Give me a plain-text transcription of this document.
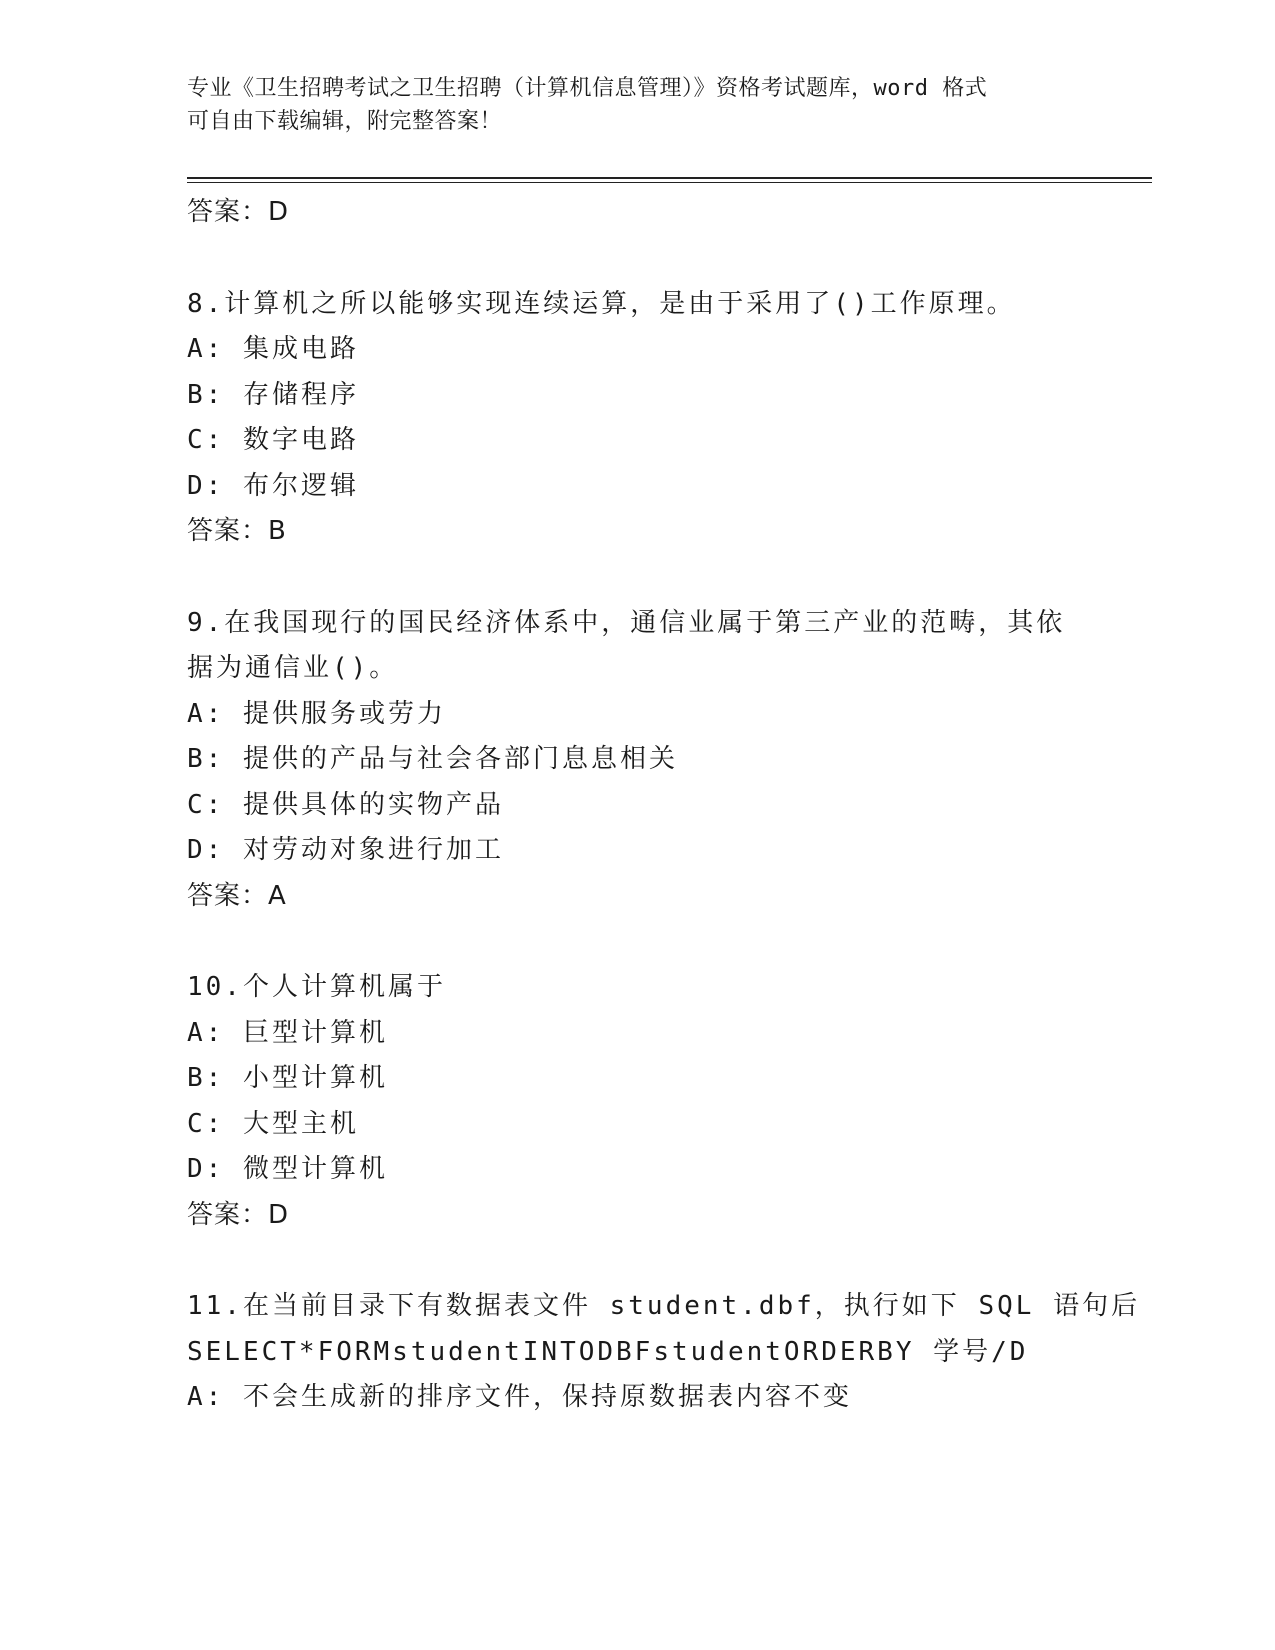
专业《卫生招聘考试之卫生招聘（计算机信息管理）》资格考试题库，word 格式
可自由下载编辑，附完整答案！
答案：D
8.计算机之所以能够实现连续运算，是由于采用了()工作原理。
A: 集成电路
B: 存储程序
C: 数字电路
D: 布尔逻辑
答案：B
9.在我国现行的国民经济体系中，通信业属于第三产业的范畴，其依
据为通信业()。
A: 提供服务或劳力
B: 提供的产品与社会各部门息息相关
C: 提供具体的实物产品
D: 对劳动对象进行加工
答案：A
10.个人计算机属于
A: 巨型计算机
B: 小型计算机
C: 大型主机
D: 微型计算机
答案：D
11.在当前目录下有数据表文件 student.dbf，执行如下 SQL 语句后
SELECT*FORMstudentINTODBFstudentORDERBY 学号/D
A: 不会生成新的排序文件，保持原数据表内容不变
